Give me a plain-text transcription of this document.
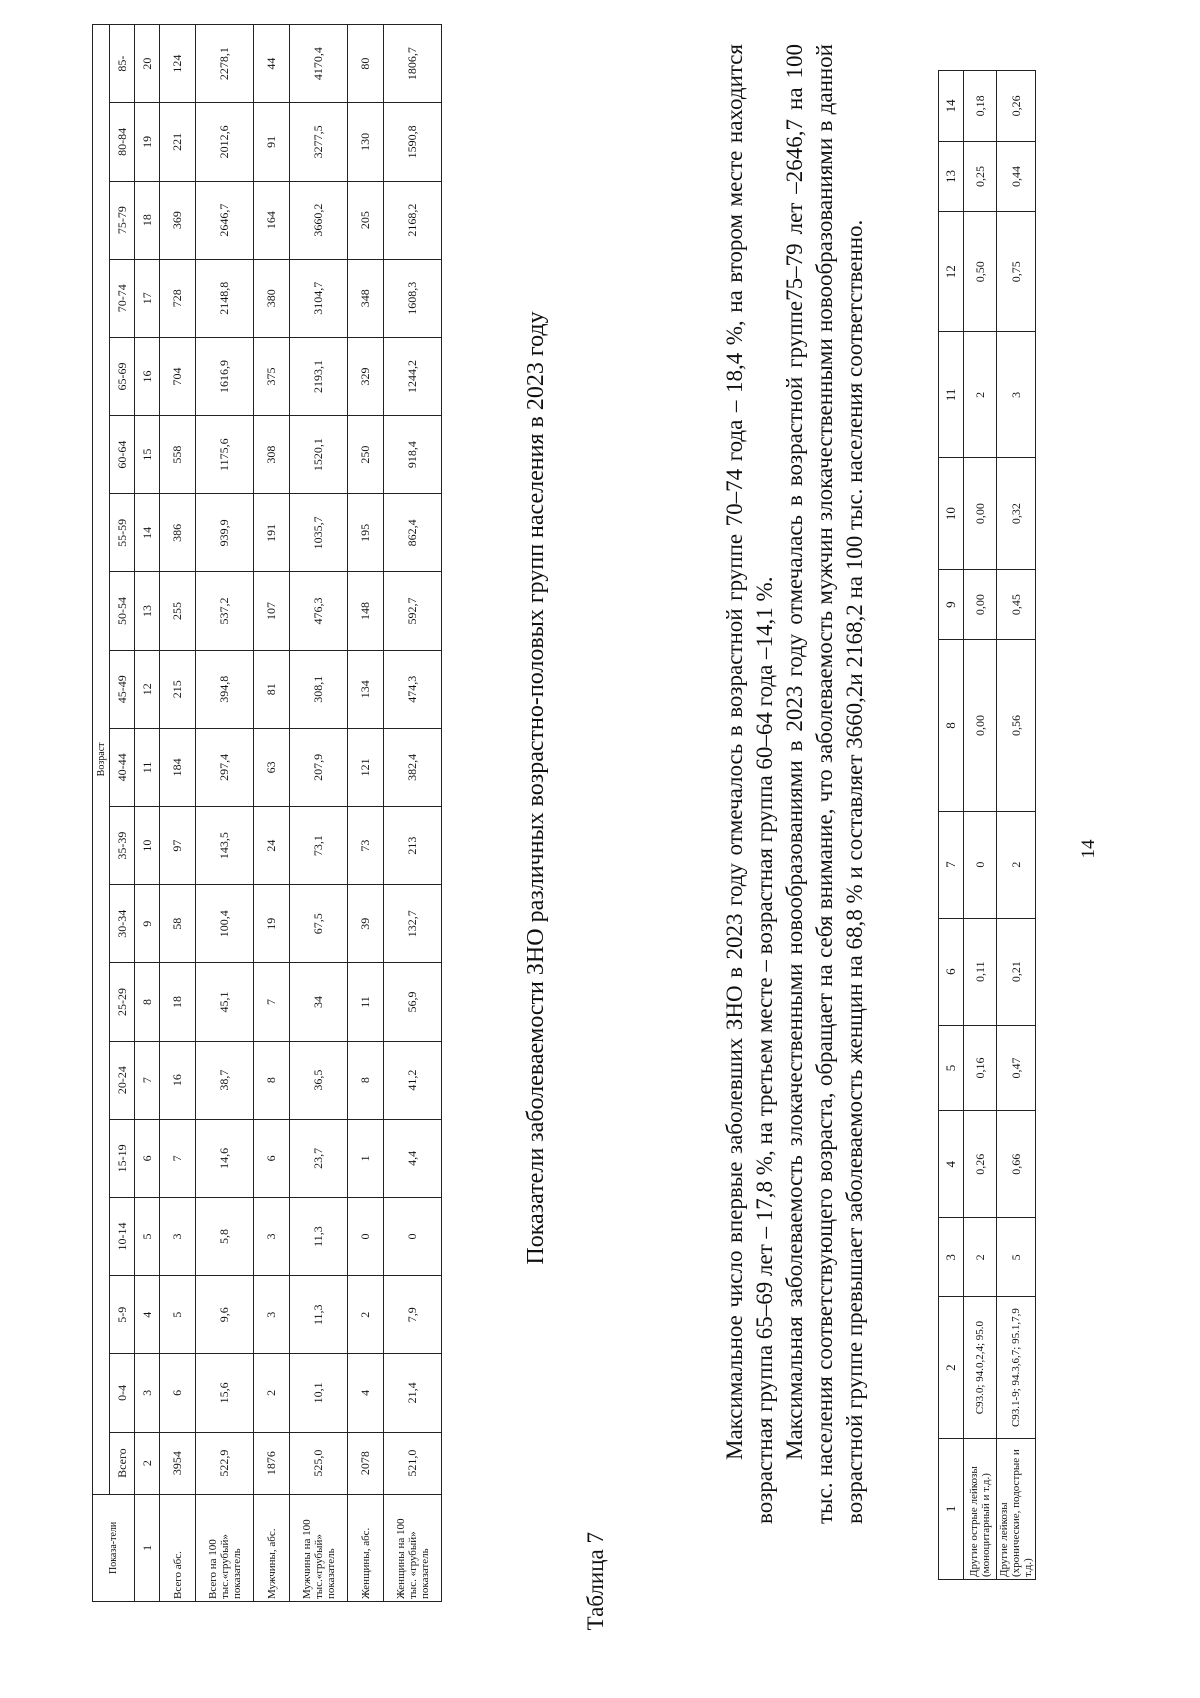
14
1	2	3	4	5	6	7	8	9	10	11	12	13	14
Другие острые лейкозы (моноцитарный и т.д.)	С93.0; 94.0,2,4; 95.0	2	0,26	0,16	0,11	0	0,00	0,00	0,00	2	0,50	0,25	0,18
Другие лейкозы (хронические, подострые и т.д.)	С93.1-9; 94.3,6,7; 95.1,7,9	5	0,66	0,47	0,21	2	0,56	0,45	0,32	3	0,75	0,44	0,26

Максимальное число впервые заболевших ЗНО в 2023 году отмечалось в возрастной группе 70–74 года – 18,4 %, на втором месте находится возрастная группа 65–69 лет – 17,8 %, на третьем месте – возрастная группа 60–64 года –14,1 %. Максимальная заболеваемость злокачественными новообразованиями в 2023 году отмечалась в возрастной группе75–79 лет –2646,7 на 100 тыс. населения соответствующего возраста, обращает на себя внимание, что заболеваемость мужчин злокачественными новообразованиями в данной возрастной группе превышает заболеваемость женщин на 68,8 % и составляет 3660,2и 2168,2 на 100 тыс. населения соответственно.

Таблица 7
Показатели заболеваемости ЗНО различных возрастно-половых групп населения в 2023 году
Показа-тели	Возраст																		
	Всего	0-4	5-9	10-14	15-19	20-24	25-29	30-34	35-39	40-44	45-49	50-54	55-59	60-64	65-69	70-74	75-79	80-84	85-
1	2	3	4	5	6	7	8	9	10	11	12	13	14	15	16	17	18	19	20
Всего абс.	3954	6	5	3	7	16	18	58	97	184	215	255	386	558	704	728	369	221	124
Всего на 100 тыс.«грубый» показатель	522,9	15,6	9,6	5,8	14,6	38,7	45,1	100,4	143,5	297,4	394,8	537,2	939,9	1175,6	1616,9	2148,8	2646,7	2012,6	2278,1
Мужчины, абс.	1876	2	3	3	6	8	7	19	24	63	81	107	191	308	375	380	164	91	44
Мужчины на 100 тыс.«грубый» показатель	525,0	10,1	11,3	11,3	23,7	36,5	34	67,5	73,1	207,9	308,1	476,3	1035,7	1520,1	2193,1	3104,7	3660,2	3277,5	4170,4
Женщины, абс.	2078	4	2	0	1	8	11	39	73	121	134	148	195	250	329	348	205	130	80
Женщины на 100 тыс. «грубый» показатель	521,0	21,4	7,9	0	4,4	41,2	56,9	132,7	213	382,4	474,3	592,7	862,4	918,4	1244,2	1608,3	2168,2	1590,8	1806,7
